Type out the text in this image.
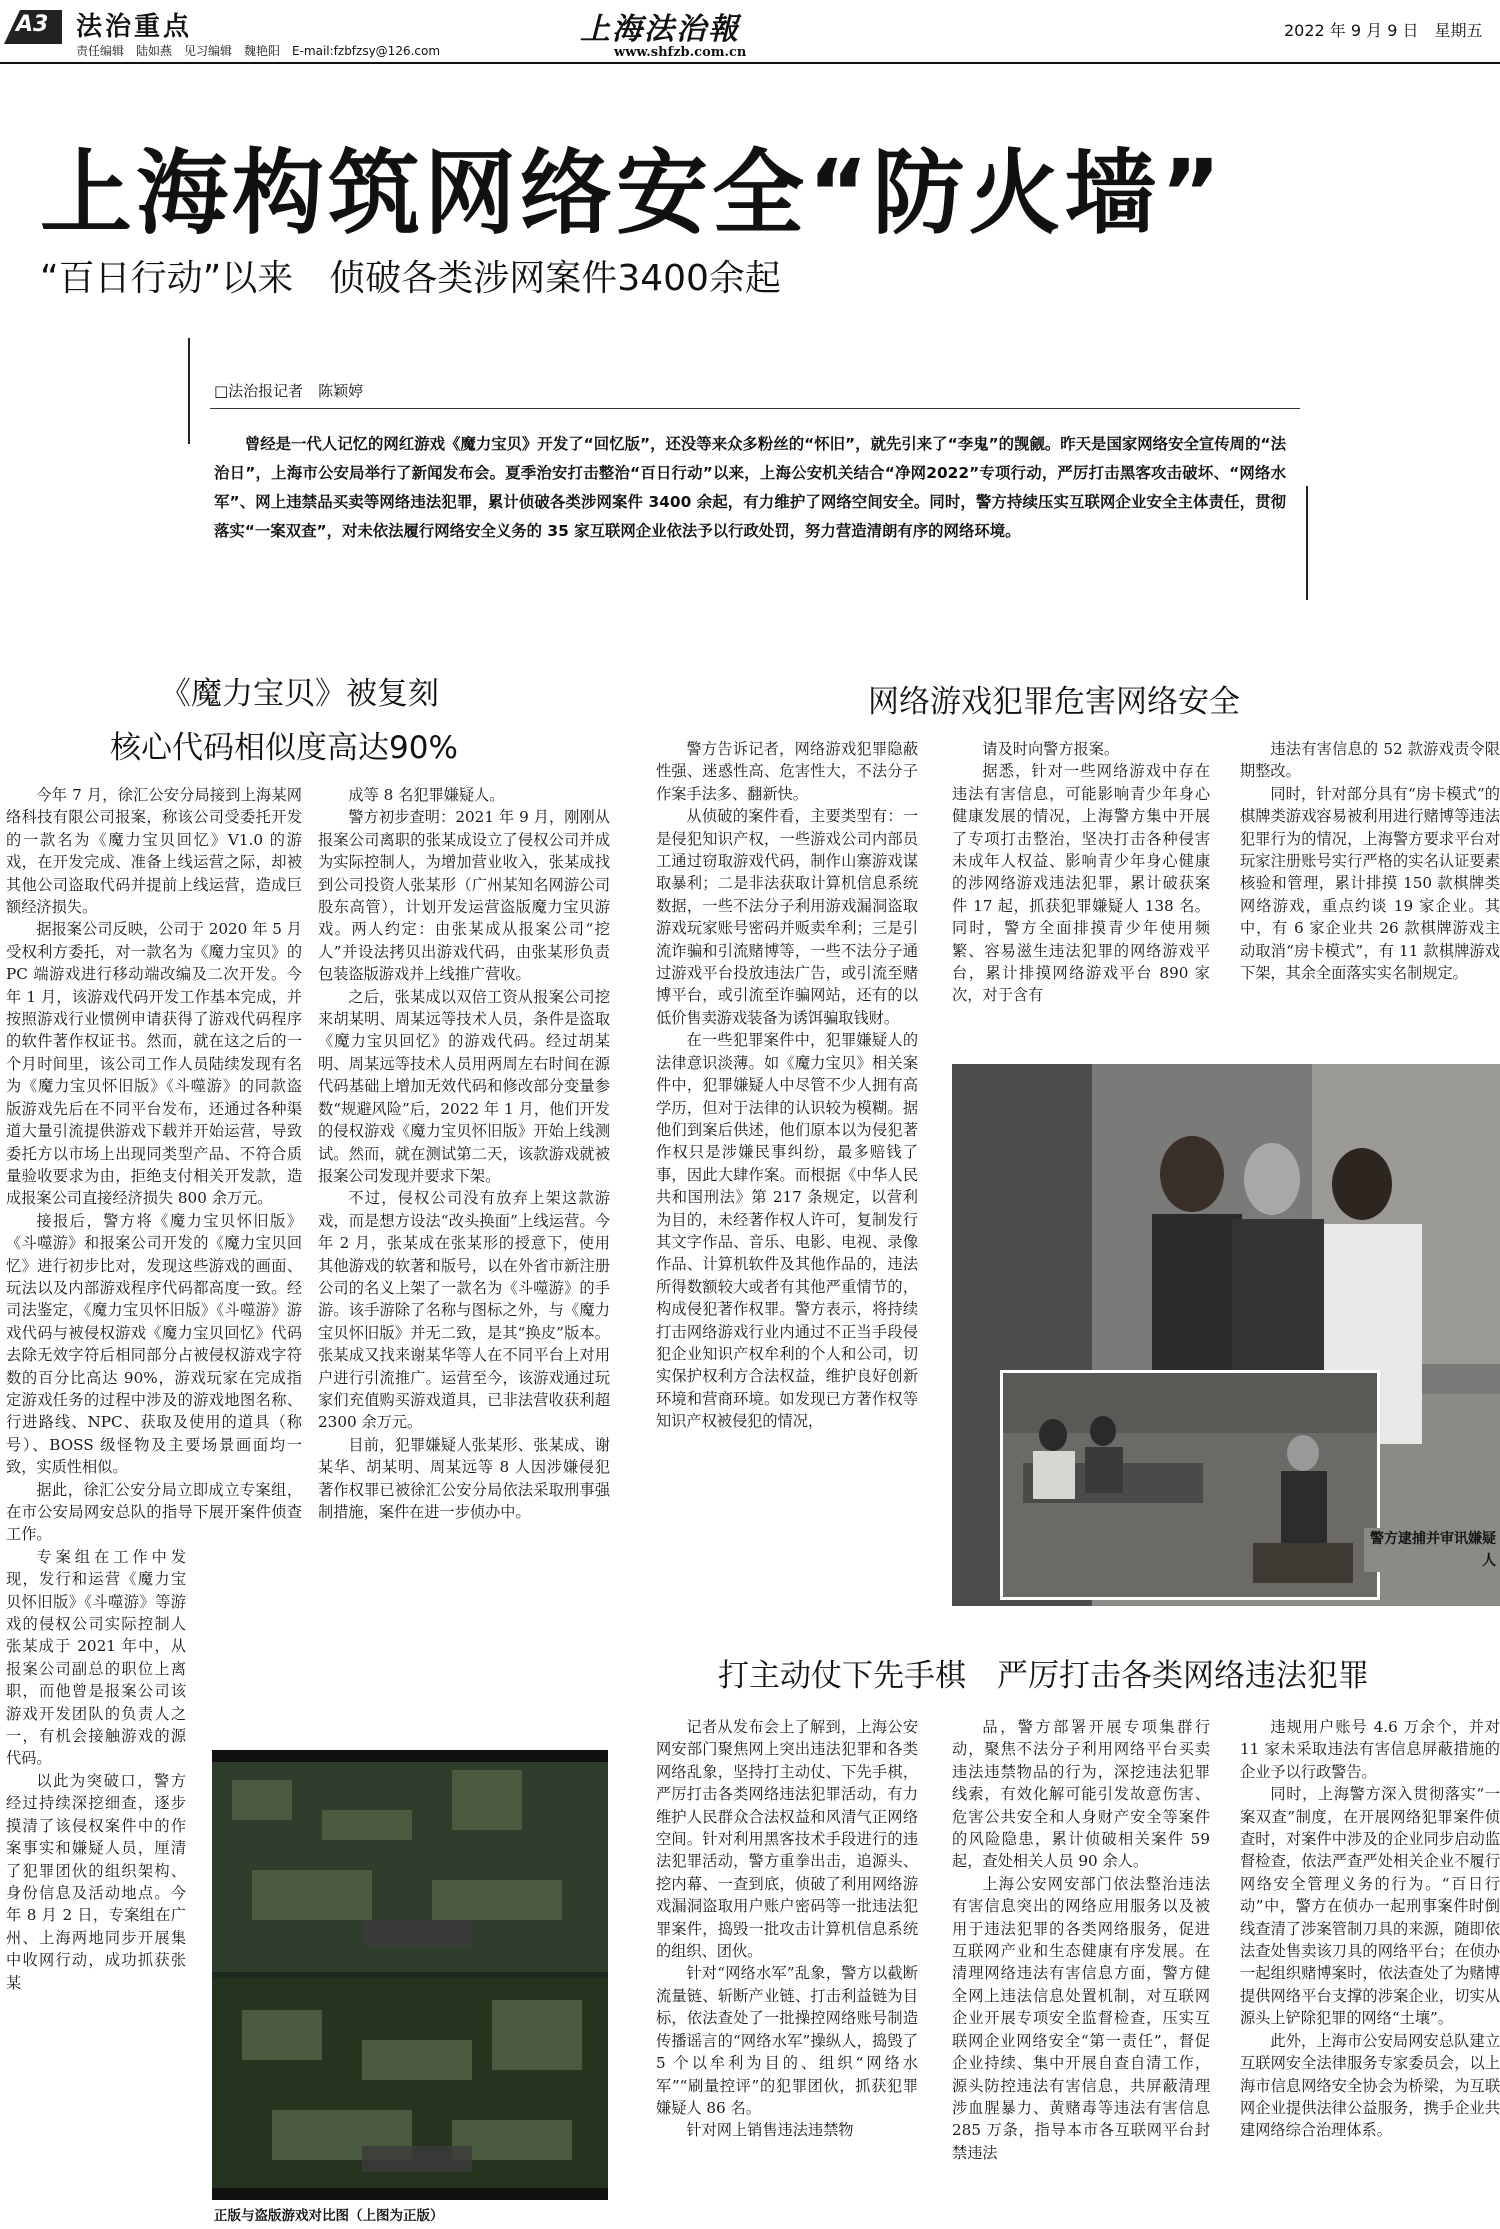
A3 法治重点
责任编辑　陆如燕　见习编辑　魏艳阳　E-mail:fzbfzsy@126.com
上海法治報
www.shfzb.com.cn
2022 年 9 月 9 日　星期五
上海构筑网络安全“防火墙”
“百日行动”以来　侦破各类涉网案件3400余起
□法治报记者　陈颖婷
曾经是一代人记忆的网红游戏《魔力宝贝》开发了“回忆版”，还没等来众多粉丝的“怀旧”，就先引来了“李鬼”的觊觎。昨天是国家网络安全宣传周的“法治日”，上海市公安局举行了新闻发布会。夏季治安打击整治“百日行动”以来，上海公安机关结合“净网2022”专项行动，严厉打击黑客攻击破坏、“网络水军”、网上违禁品买卖等网络违法犯罪，累计侦破各类涉网案件 3400 余起，有力维护了网络空间安全。同时，警方持续压实互联网企业安全主体责任，贯彻落实“一案双查”，对未依法履行网络安全义务的 35 家互联网企业依法予以行政处罚，努力营造清朗有序的网络环境。
《魔力宝贝》被复刻
核心代码相似度高达90%

今年 7 月，徐汇公安分局接到上海某网络科技有限公司报案，称该公司受委托开发的一款名为《魔力宝贝回忆》V1.0 的游戏，在开发完成、准备上线运营之际，却被其他公司盗取代码并提前上线运营，造成巨额经济损失。

据报案公司反映，公司于 2020 年 5 月受权利方委托，对一款名为《魔力宝贝》的 PC 端游戏进行移动端改编及二次开发。今年 1 月，该游戏代码开发工作基本完成，并按照游戏行业惯例申请获得了游戏代码程序的软件著作权证书。然而，就在这之后的一个月时间里，该公司工作人员陆续发现有名为《魔力宝贝怀旧版》《斗噬游》的同款盗版游戏先后在不同平台发布，还通过各种渠道大量引流提供游戏下载并开始运营，导致委托方以市场上出现同类型产品、不符合质量验收要求为由，拒绝支付相关开发款，造成报案公司直接经济损失 800 余万元。

接报后，警方将《魔力宝贝怀旧版》《斗噬游》和报案公司开发的《魔力宝贝回忆》进行初步比对，发现这些游戏的画面、玩法以及内部游戏程序代码都高度一致。经司法鉴定，《魔力宝贝怀旧版》《斗噬游》游戏代码与被侵权游戏《魔力宝贝回忆》代码去除无效字符后相同部分占被侵权游戏字符数的百分比高达 90%，游戏玩家在完成指定游戏任务的过程中涉及的游戏地图名称、行进路线、NPC、获取及使用的道具（称号）、BOSS 级怪物及主要场景画面均一致，实质性相似。

据此，徐汇公安分局立即成立专案组，在市公安局网安总队的指导下展开案件侦查工作。

专案组在工作中发现，发行和运营《魔力宝贝怀旧版》《斗噬游》等游戏的侵权公司实际控制人张某成于 2021 年中，从报案公司副总的职位上离职，而他曾是报案公司该游戏开发团队的负责人之一，有机会接触游戏的源代码。

以此为突破口，警方经过持续深挖细查，逐步摸清了该侵权案件中的作案事实和嫌疑人员，厘清了犯罪团伙的组织架构、身份信息及活动地点。今年 8 月 2 日，专案组在广州、上海两地同步开展集中收网行动，成功抓获张某

成等 8 名犯罪嫌疑人。

警方初步查明：2021 年 9 月，刚刚从报案公司离职的张某成设立了侵权公司并成为实际控制人，为增加营业收入，张某成找到公司投资人张某形（广州某知名网游公司股东高管），计划开发运营盗版魔力宝贝游戏。两人约定：由张某成从报案公司“挖人”并设法拷贝出游戏代码，由张某形负责包装盗版游戏并上线推广营收。

之后，张某成以双倍工资从报案公司挖来胡某明、周某远等技术人员，条件是盗取《魔力宝贝回忆》的游戏代码。经过胡某明、周某远等技术人员用两周左右时间在源代码基础上增加无效代码和修改部分变量参数“规避风险”后，2022 年 1 月，他们开发的侵权游戏《魔力宝贝怀旧版》开始上线测试。然而，就在测试第二天，该款游戏就被报案公司发现并要求下架。

不过，侵权公司没有放弃上架这款游戏，而是想方设法“改头换面”上线运营。今年 2 月，张某成在张某形的授意下，使用其他游戏的软著和版号，以在外省市新注册公司的名义上架了一款名为《斗噬游》的手游。该手游除了名称与图标之外，与《魔力宝贝怀旧版》并无二致，是其“换皮”版本。张某成又找来谢某华等人在不同平台上对用户进行引流推广。运营至今，该游戏通过玩家们充值购买游戏道具，已非法营收获利超 2300 余万元。

目前，犯罪嫌疑人张某形、张某成、谢某华、胡某明、周某远等 8 人因涉嫌侵犯著作权罪已被徐汇公安分局依法采取刑事强制措施，案件在进一步侦办中。

正版与盗版游戏对比图（上图为正版）
网络游戏犯罪危害网络安全

警方告诉记者，网络游戏犯罪隐蔽性强、迷惑性高、危害性大，不法分子作案手法多、翻新快。

从侦破的案件看，主要类型有：一是侵犯知识产权，一些游戏公司内部员工通过窃取游戏代码，制作山寨游戏谋取暴利；二是非法获取计算机信息系统数据，一些不法分子利用游戏漏洞盗取游戏玩家账号密码并贩卖牟利；三是引流诈骗和引流赌博等，一些不法分子通过游戏平台投放违法广告，或引流至赌博平台，或引流至诈骗网站，还有的以低价售卖游戏装备为诱饵骗取钱财。

在一些犯罪案件中，犯罪嫌疑人的法律意识淡薄。如《魔力宝贝》相关案件中，犯罪嫌疑人中尽管不少人拥有高学历，但对于法律的认识较为模糊。据他们到案后供述，他们原本以为侵犯著作权只是涉嫌民事纠纷，最多赔钱了事，因此大肆作案。而根据《中华人民共和国刑法》第 217 条规定，以营利为目的，未经著作权人许可，复制发行其文字作品、音乐、电影、电视、录像作品、计算机软件及其他作品的，违法所得数额较大或者有其他严重情节的，构成侵犯著作权罪。警方表示，将持续打击网络游戏行业内通过不正当手段侵犯企业知识产权牟利的个人和公司，切实保护权利方合法权益，维护良好创新环境和营商环境。如发现已方著作权等知识产权被侵犯的情况，

请及时向警方报案。

据悉，针对一些网络游戏中存在违法有害信息，可能影响青少年身心健康发展的情况，上海警方集中开展了专项打击整治，坚决打击各种侵害未成年人权益、影响青少年身心健康的涉网络游戏违法犯罪，累计破获案件 17 起，抓获犯罪嫌疑人 138 名。同时，警方全面排摸青少年使用频繁、容易滋生违法犯罪的网络游戏平台，累计排摸网络游戏平台 890 家次，对于含有

违法有害信息的 52 款游戏责令限期整改。

同时，针对部分具有“房卡模式”的棋牌类游戏容易被利用进行赌博等违法犯罪行为的情况，上海警方要求平台对玩家注册账号实行严格的实名认证要素核验和管理，累计排摸 150 款棋牌类网络游戏，重点约谈 19 家企业。其中，有 6 家企业共 26 款棋牌游戏主动取消“房卡模式”，有 11 款棋牌游戏下架，其余全面落实实名制规定。

警方逮捕并审讯嫌疑人
打主动仗下先手棋　严厉打击各类网络违法犯罪

记者从发布会上了解到，上海公安网安部门聚焦网上突出违法犯罪和各类网络乱象，坚持打主动仗、下先手棋，严厉打击各类网络违法犯罪活动，有力维护人民群众合法权益和风清气正网络空间。针对利用黑客技术手段进行的违法犯罪活动，警方重拳出击，追源头、挖内幕、一查到底，侦破了利用网络游戏漏洞盗取用户账户密码等一批违法犯罪案件，捣毁一批攻击计算机信息系统的组织、团伙。

针对“网络水军”乱象，警方以截断流量链、斩断产业链、打击利益链为目标，依法查处了一批操控网络账号制造传播谣言的“网络水军”操纵人，捣毁了 5 个以牟利为目的、组织“网络水军”“刷量控评”的犯罪团伙，抓获犯罪嫌疑人 86 名。

针对网上销售违法违禁物

品，警方部署开展专项集群行动，聚焦不法分子利用网络平台买卖违法违禁物品的行为，深挖违法犯罪线索，有效化解可能引发故意伤害、危害公共安全和人身财产安全等案件的风险隐患，累计侦破相关案件 59 起，查处相关人员 90 余人。

上海公安网安部门依法整治违法有害信息突出的网络应用服务以及被用于违法犯罪的各类网络服务，促进互联网产业和生态健康有序发展。在清理网络违法有害信息方面，警方健全网上违法信息处置机制，对互联网企业开展专项安全监督检查，压实互联网企业网络安全“第一责任”，督促企业持续、集中开展自查自清工作，源头防控违法有害信息，共屏蔽清理涉血腥暴力、黄赌毒等违法有害信息 285 万条，指导本市各互联网平台封禁违法

违规用户账号 4.6 万余个，并对 11 家未采取违法有害信息屏蔽措施的企业予以行政警告。

同时，上海警方深入贯彻落实“一案双查”制度，在开展网络犯罪案件侦查时，对案件中涉及的企业同步启动监督检查，依法严查严处相关企业不履行网络安全管理义务的行为。“百日行动”中，警方在侦办一起刑事案件时倒线查清了涉案管制刀具的来源，随即依法查处售卖该刀具的网络平台；在侦办一起组织赌博案时，依法查处了为赌博提供网络平台支撑的涉案企业，切实从源头上铲除犯罪的网络“土壤”。

此外，上海市公安局网安总队建立互联网安全法律服务专家委员会，以上海市信息网络安全协会为桥梁，为互联网企业提供法律公益服务，携手企业共建网络综合治理体系。
